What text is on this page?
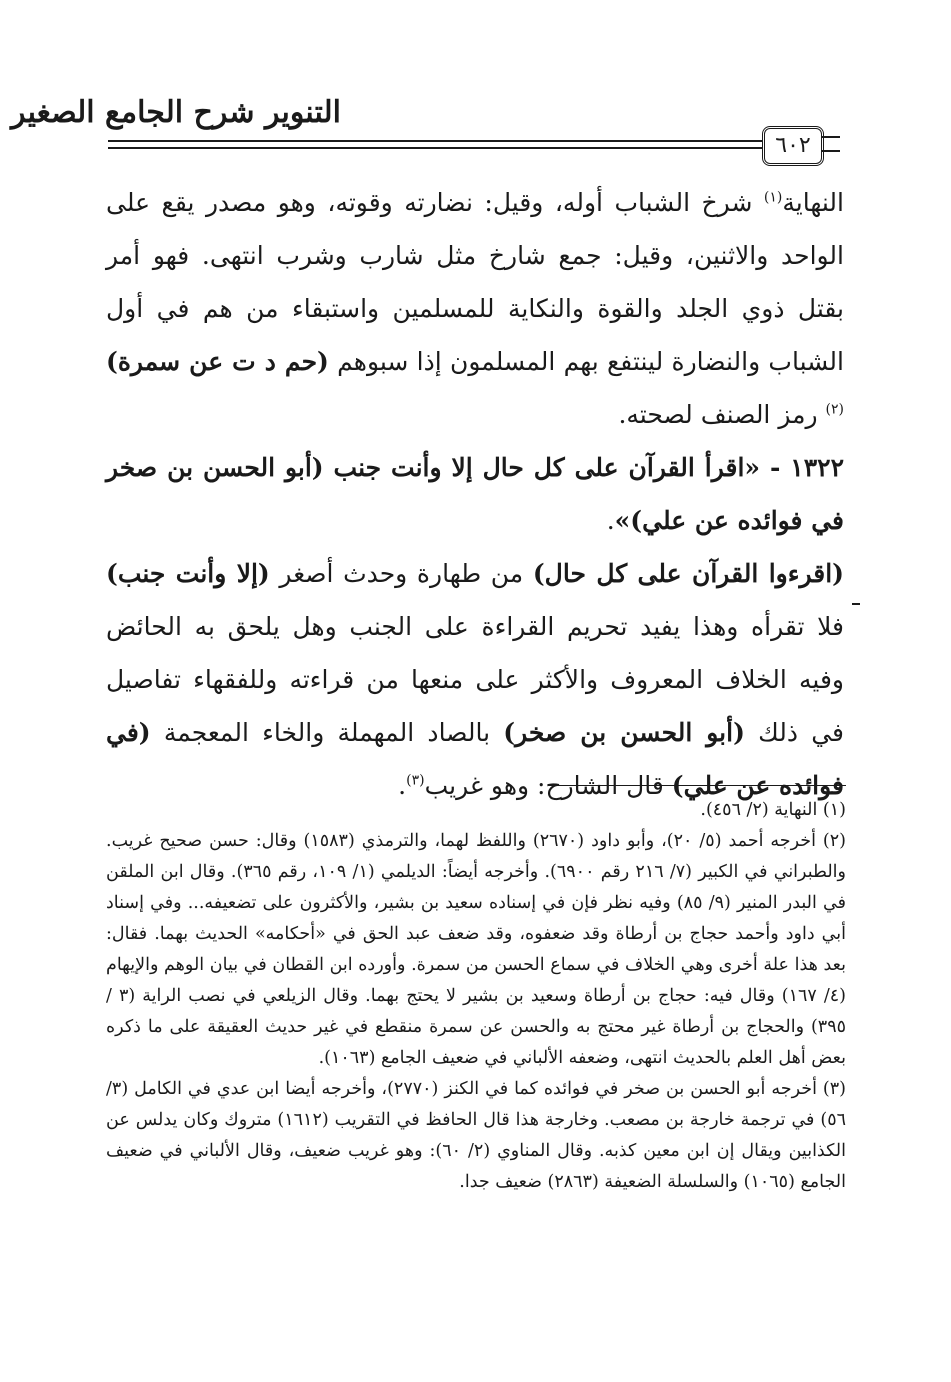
التنوير شرح الجامع الصغير
٦٠٢

النهاية$^{(١)}$ شرخ الشباب أوله، وقيل: نضارته وقوته، وهو مصدر يقع على الواحد والاثنين، وقيل: جمع شارخ مثل شارب وشرب انتهى. فهو أمر بقتل ذوي الجلد والقوة والنكاية للمسلمين واستبقاء من هم في أول الشباب والنضارة لينتفع بهم المسلمون إذا سبوهم (حم د ت عن سمرة)$^{(٢)}$ رمز الصنف لصحته.

١٣٢٢ - «اقرأ القرآن على كل حال إلا وأنت جنب (أبو الحسن بن صخر في فوائده عن علي)».

(اقرءوا القرآن على كل حال) من طهارة وحدث أصغر (إلا وأنت جنب) فلا تقرأه وهذا يفيد تحريم القراءة على الجنب وهل يلحق به الحائض وفيه الخلاف المعروف والأكثر على منعها من قراءته وللفقهاء تفاصيل في ذلك (أبو الحسن بن صخر) بالصاد المهملة والخاء المعجمة (في فوائده عن علي) قال الشارح: وهو غريب$^{(٣)}$.

(١) النهاية (٢/ ٤٥٦).

(٢) أخرجه أحمد (٥/ ٢٠)، وأبو داود (٢٦٧٠) واللفظ لهما، والترمذي (١٥٨٣) وقال: حسن صحيح غريب. والطبراني في الكبير (٧/ ٢١٦ رقم ٦٩٠٠). وأخرجه أيضاً: الديلمي (١/ ١٠٩، رقم ٣٦٥). وقال ابن الملقن في البدر المنير (٩/ ٨٥) وفيه نظر فإن في إسناده سعيد بن بشير، والأكثرون على تضعيفه... وفي إسناد أبي داود وأحمد حجاج بن أرطاة وقد ضعفوه، وقد ضعف عبد الحق في «أحكامه» الحديث بهما. فقال: بعد هذا علة أخرى وهي الخلاف في سماع الحسن من سمرة. وأورده ابن القطان في بيان الوهم والإيهام (٤/ ١٦٧) وقال فيه: حجاج بن أرطاة وسعيد بن بشير لا يحتج بهما. وقال الزيلعي في نصب الراية (٣ / ٣٩٥) والحجاج بن أرطاة غير محتج به والحسن عن سمرة منقطع في غير حديث العقيقة على ما ذكره بعض أهل العلم بالحديث انتهى، وضعفه الألباني في ضعيف الجامع (١٠٦٣).

(٣) أخرجه أبو الحسن بن صخر في فوائده كما في الكنز (٢٧٧٠)، وأخرجه أيضا ابن عدي في الكامل (٣/ ٥٦) في ترجمة خارجة بن مصعب. وخارجة هذا قال الحافظ في التقريب (١٦١٢) متروك وكان يدلس عن الكذابين ويقال إن ابن معين كذبه. وقال المناوي (٢/ ٦٠): وهو غريب ضعيف، وقال الألباني في ضعيف الجامع (١٠٦٥) والسلسلة الضعيفة (٢٨٦٣) ضعيف جدا.
